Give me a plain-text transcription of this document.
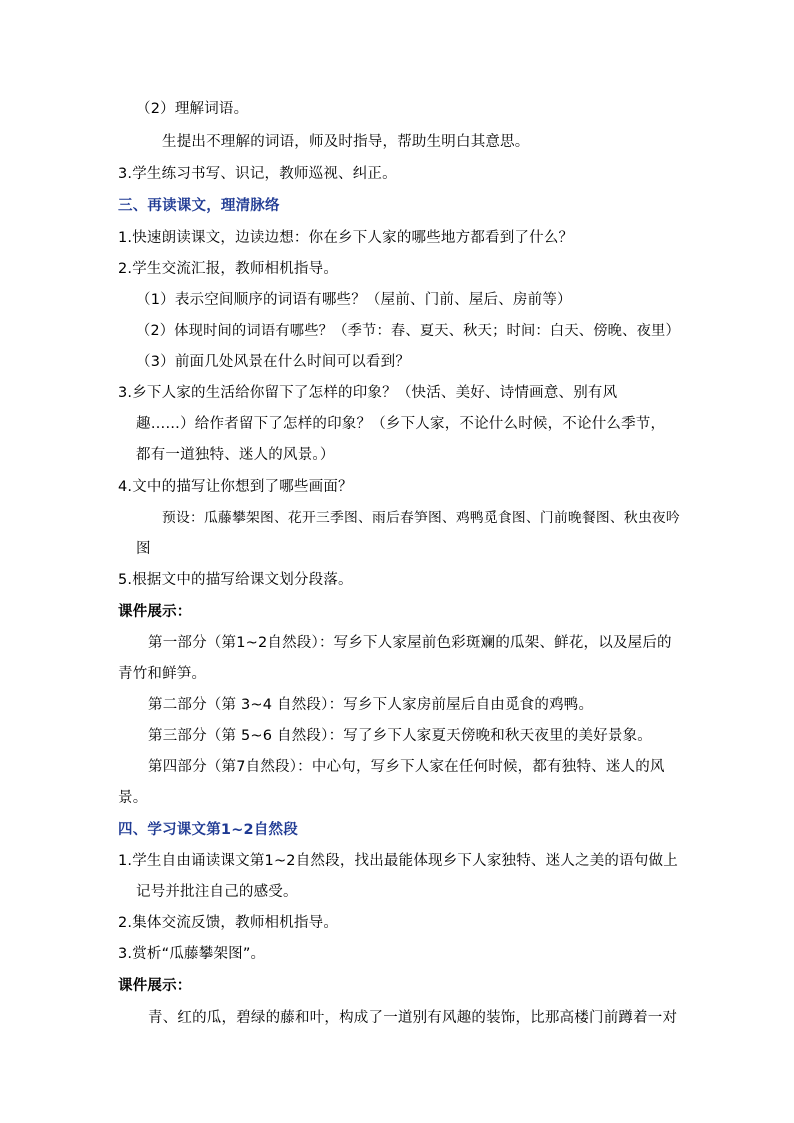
（2）理解词语。
生提出不理解的词语，师及时指导，帮助生明白其意思。
3.学生练习书写、识记，教师巡视、纠正。
三、再读课文，理清脉络
1.快速朗读课文，边读边想：你在乡下人家的哪些地方都看到了什么？
2.学生交流汇报，教师相机指导。
（1）表示空间顺序的词语有哪些？（屋前、门前、屋后、房前等）
（2）体现时间的词语有哪些？（季节：春、夏天、秋天；时间：白天、傍晚、夜里）
（3）前面几处风景在什么时间可以看到？
3.乡下人家的生活给你留下了怎样的印象？（快活、美好、诗情画意、别有风
趣……）给作者留下了怎样的印象？（乡下人家，不论什么时候，不论什么季节，
都有一道独特、迷人的风景。）
4.文中的描写让你想到了哪些画面？
预设：瓜藤攀架图、花开三季图、雨后春笋图、鸡鸭觅食图、门前晚餐图、秋虫夜吟
图
5.根据文中的描写给课文划分段落。
课件展示：
第一部分（第1~2自然段）：写乡下人家屋前色彩斑斓的瓜架、鲜花，以及屋后的
青竹和鲜笋。
第二部分（第 3~4 自然段）：写乡下人家房前屋后自由觅食的鸡鸭。
第三部分（第 5~6 自然段）：写了乡下人家夏天傍晚和秋天夜里的美好景象。
第四部分（第7自然段）：中心句，写乡下人家在任何时候，都有独特、迷人的风
景。
四、学习课文第1~2自然段
1.学生自由诵读课文第1~2自然段，找出最能体现乡下人家独特、迷人之美的语句做上
记号并批注自己的感受。
2.集体交流反馈，教师相机指导。
3.赏析“瓜藤攀架图”。
课件展示：
青、红的瓜，碧绿的藤和叶，构成了一道别有风趣的装饰，比那高楼门前蹲着一对
